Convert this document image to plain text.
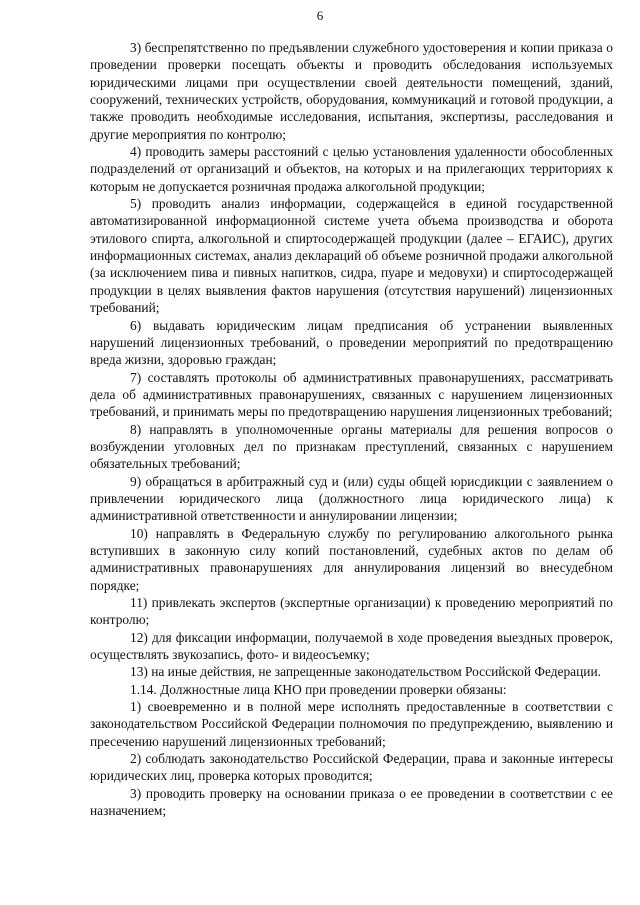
6

3) беспрепятственно по предъявлении служебного удостоверения и копии приказа о проведении проверки посещать объекты и проводить обследования используемых юридическими лицами при осуществлении своей деятельности помещений, зданий, сооружений, технических устройств, оборудования, коммуникаций и готовой продукции, а также проводить необходимые исследования, испытания, экспертизы, расследования и другие мероприятия по контролю;

4) проводить замеры расстояний с целью установления удаленности обособленных подразделений от организаций и объектов, на которых и на прилегающих территориях к которым не допускается розничная продажа алкогольной продукции;

5) проводить анализ информации, содержащейся в единой государственной автоматизированной информационной системе учета объема производства и оборота этилового спирта, алкогольной и спиртосодержащей продукции (далее – ЕГАИС), других информационных системах, анализ деклараций об объеме розничной продажи алкогольной (за исключением пива и пивных напитков, сидра, пуаре и медовухи) и спиртосодержащей продукции в целях выявления фактов нарушения (отсутствия нарушений) лицензионных требований;

6) выдавать юридическим лицам предписания об устранении выявленных нарушений лицензионных требований, о проведении мероприятий по предотвращению вреда жизни, здоровью граждан;

7) составлять протоколы об административных правонарушениях, рассматривать дела об административных правонарушениях, связанных с нарушением лицензионных требований, и принимать меры по предотвращению нарушения лицензионных требований;

8) направлять в уполномоченные органы материалы для решения вопросов о возбуждении уголовных дел по признакам преступлений, связанных с нарушением обязательных требований;

9) обращаться в арбитражный суд и (или) суды общей юрисдикции с заявлением о привлечении юридического лица (должностного лица юридического лица) к административной ответственности и аннулировании лицензии;

10) направлять в Федеральную службу по регулированию алкогольного рынка вступивших в законную силу копий постановлений, судебных актов по делам об административных правонарушениях для аннулирования лицензий во внесудебном порядке;

11) привлекать экспертов (экспертные организации) к проведению мероприятий по контролю;

12) для фиксации информации, получаемой в ходе проведения выездных проверок, осуществлять звукозапись, фото- и видеосъемку;

13) на иные действия, не запрещенные законодательством Российской Федерации.

1.14. Должностные лица КНО при проведении проверки обязаны:

1) своевременно и в полной мере исполнять предоставленные в соответствии с законодательством Российской Федерации полномочия по предупреждению, выявлению и пресечению нарушений лицензионных требований;

2) соблюдать законодательство Российской Федерации, права и законные интересы юридических лиц, проверка которых проводится;

3) проводить проверку на основании приказа о ее проведении в соответствии с ее назначением;
